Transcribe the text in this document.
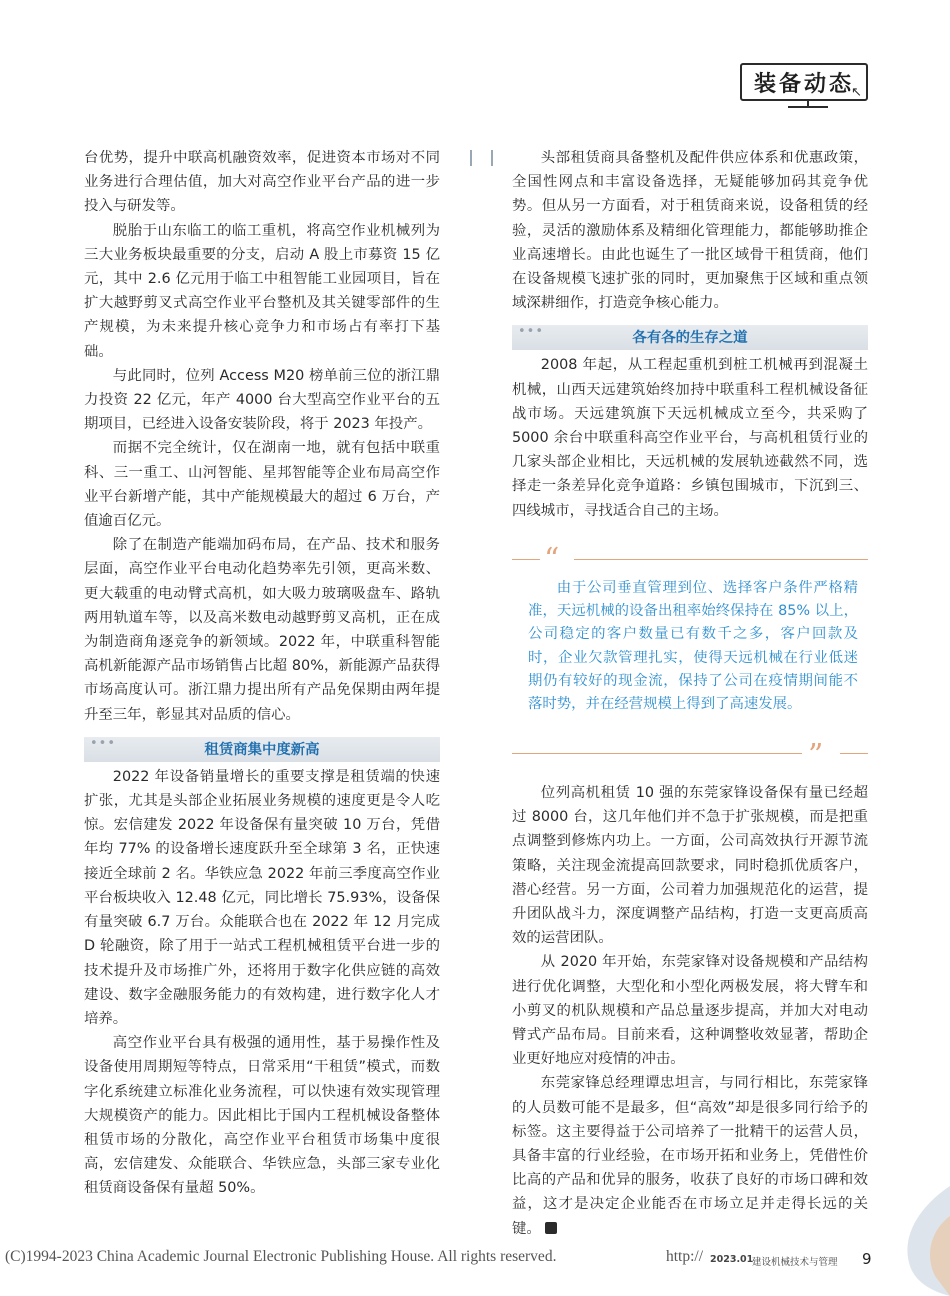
装备动态
↖

台优势，提升中联高机融资效率，促进资本市场对不同业务进行合理估值，加大对高空作业平台产品的进一步投入与研发等。

脱胎于山东临工的临工重机，将高空作业机械列为三大业务板块最重要的分支，启动 A 股上市募资 15 亿元，其中 2.6 亿元用于临工中租智能工业园项目，旨在扩大越野剪叉式高空作业平台整机及其关键零部件的生产规模，为未来提升核心竞争力和市场占有率打下基础。

与此同时，位列 Access M20 榜单前三位的浙江鼎力投资 22 亿元，年产 4000 台大型高空作业平台的五期项目，已经进入设备安装阶段，将于 2023 年投产。

而据不完全统计，仅在湖南一地，就有包括中联重科、三一重工、山河智能、星邦智能等企业布局高空作业平台新增产能，其中产能规模最大的超过 6 万台，产值逾百亿元。

除了在制造产能端加码布局，在产品、技术和服务层面，高空作业平台电动化趋势率先引领，更高米数、更大载重的电动臂式高机，如大吸力玻璃吸盘车、路轨两用轨道车等，以及高米数电动越野剪叉高机，正在成为制造商角逐竞争的新领域。2022 年，中联重科智能高机新能源产品市场销售占比超 80%，新能源产品获得市场高度认可。浙江鼎力提出所有产品免保期由两年提升至三年，彰显其对品质的信心。

•••	租赁商集中度新高

2022 年设备销量增长的重要支撑是租赁端的快速扩张，尤其是头部企业拓展业务规模的速度更是令人吃惊。宏信建发 2022 年设备保有量突破 10 万台，凭借年均 77% 的设备增长速度跃升至全球第 3 名，正快速接近全球前 2 名。华铁应急 2022 年前三季度高空作业平台板块收入 12.48 亿元，同比增长 75.93%，设备保有量突破 6.7 万台。众能联合也在 2022 年 12 月完成 D 轮融资，除了用于一站式工程机械租赁平台进一步的技术提升及市场推广外，还将用于数字化供应链的高效建设、数字金融服务能力的有效构建，进行数字化人才培养。

高空作业平台具有极强的通用性，基于易操作性及设备使用周期短等特点，日常采用“干租赁”模式，而数字化系统建立标准化业务流程，可以快速有效实现管理大规模资产的能力。因此相比于国内工程机械设备整体租赁市场的分散化，高空作业平台租赁市场集中度很高，宏信建发、众能联合、华铁应急，头部三家专业化租赁商设备保有量超 50%。

头部租赁商具备整机及配件供应体系和优惠政策，全国性网点和丰富设备选择，无疑能够加码其竞争优势。但从另一方面看，对于租赁商来说，设备租赁的经验，灵活的激励体系及精细化管理能力，都能够助推企业高速增长。由此也诞生了一批区域骨干租赁商，他们在设备规模飞速扩张的同时，更加聚焦于区域和重点领域深耕细作，打造竞争核心能力。

•••	各有各的生存之道

2008 年起，从工程起重机到桩工机械再到混凝土机械，山西天远建筑始终加持中联重科工程机械设备征战市场。天远建筑旗下天远机械成立至今，共采购了 5000 余台中联重科高空作业平台，与高机租赁行业的几家头部企业相比，天远机械的发展轨迹截然不同，选择走一条差异化竞争道路：乡镇包围城市，下沉到三、四线城市，寻找适合自己的主场。

“

由于公司垂直管理到位、选择客户条件严格精准，天远机械的设备出租率始终保持在 85% 以上，公司稳定的客户数量已有数千之多，客户回款及时，企业欠款管理扎实，使得天远机械在行业低迷期仍有较好的现金流，保持了公司在疫情期间能不落时势，并在经营规模上得到了高速发展。

”

位列高机租赁 10 强的东莞家锋设备保有量已经超过 8000 台，这几年他们并不急于扩张规模，而是把重点调整到修炼内功上。一方面，公司高效执行开源节流策略，关注现金流提高回款要求，同时稳抓优质客户，潜心经营。另一方面，公司着力加强规范化的运营，提升团队战斗力，深度调整产品结构，打造一支更高质高效的运营团队。

从 2020 年开始，东莞家锋对设备规模和产品结构进行优化调整，大型化和小型化两极发展，将大臂车和小剪叉的机队规模和产品总量逐步提高，并加大对电动臂式产品布局。目前来看，这种调整收效显著，帮助企业更好地应对疫情的冲击。

东莞家锋总经理谭忠坦言，与同行相比，东莞家锋的人员数可能不是最多，但“高效”却是很多同行给予的标签。这主要得益于公司培养了一批精干的运营人员，具备丰富的行业经验，在市场开拓和业务上，凭借性价比高的产品和优异的服务，收获了良好的市场口碑和效益，这才是决定企业能否在市场立足并走得长远的关键。

(C)1994-2023 China Academic Journal Electronic Publishing House. All rights reserved.	http:// 2023.01
建设机械技术与管理 9
